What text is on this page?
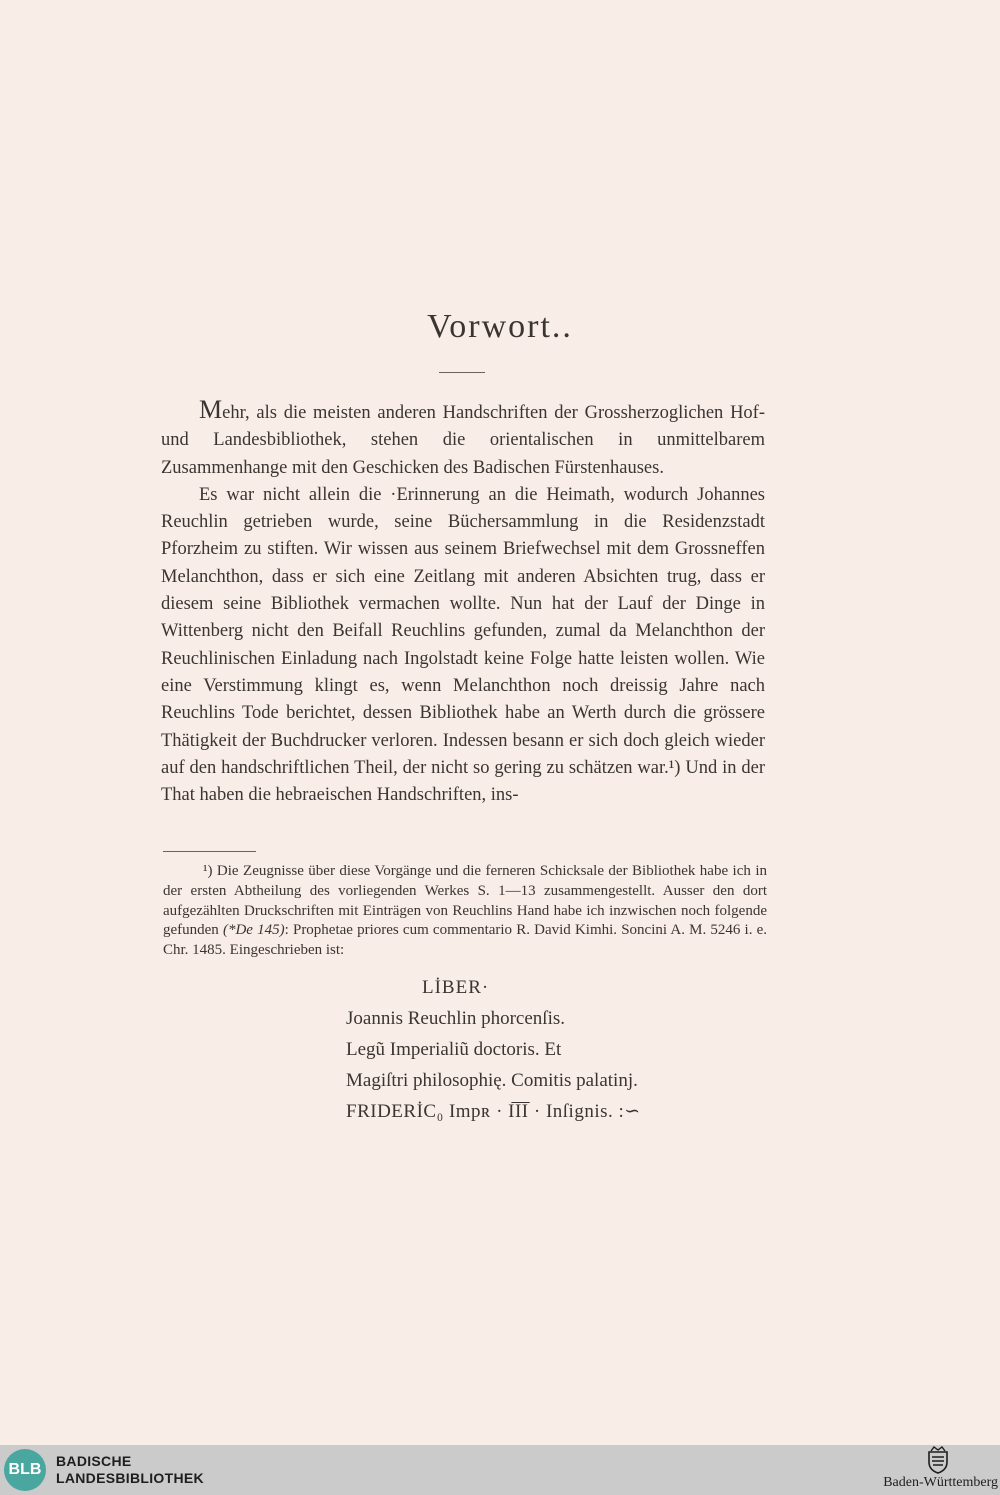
Vorwort..

Mehr, als die meisten anderen Handschriften der Grossherzoglichen Hof- und Landesbibliothek, stehen die orientalischen in unmittelbarem Zusammenhange mit den Geschicken des Badischen Fürstenhauses.

Es war nicht allein die ·Erinnerung an die Heimath, wodurch Johannes Reuchlin getrieben wurde, seine Büchersammlung in die Residenzstadt Pforzheim zu stiften. Wir wissen aus seinem Briefwechsel mit dem Grossneffen Melanchthon, dass er sich eine Zeitlang mit anderen Absichten trug, dass er diesem seine Bibliothek vermachen wollte. Nun hat der Lauf der Dinge in Wittenberg nicht den Beifall Reuchlins gefunden, zumal da Melanchthon der Reuchlinischen Einladung nach Ingolstadt keine Folge hatte leisten wollen. Wie eine Verstimmung klingt es, wenn Melanchthon noch dreissig Jahre nach Reuchlins Tode berichtet, dessen Bibliothek habe an Werth durch die grössere Thätigkeit der Buchdrucker verloren. Indessen besann er sich doch gleich wieder auf den handschriftlichen Theil, der nicht so gering zu schätzen war.¹) Und in der That haben die hebraeischen Handschriften, ins-

¹) Die Zeugnisse über diese Vorgänge und die ferneren Schicksale der Bibliothek habe ich in der ersten Abtheilung des vorliegenden Werkes S. 1—13 zusammengestellt. Ausser den dort aufgezählten Druckschriften mit Einträgen von Reuchlins Hand habe ich inzwischen noch folgende gefunden (*De 145): Prophetae priores cum commentario R. David Kimhi. Soncini A. M. 5246 i. e. Chr. 1485. Eingeschrieben ist:

LİBER·
Joannis Reuchlin phorcenſis.
Legũ Imperialiũ doctoris. Et
Magiſtri philosophię. Comitis palatinj.
FRIDERİC₀ Impʀ · I͞I͞I · Inſignis. :∽
BLB	BADISCHE
LANDESBIBLIOTHEK	Baden-Württemberg
